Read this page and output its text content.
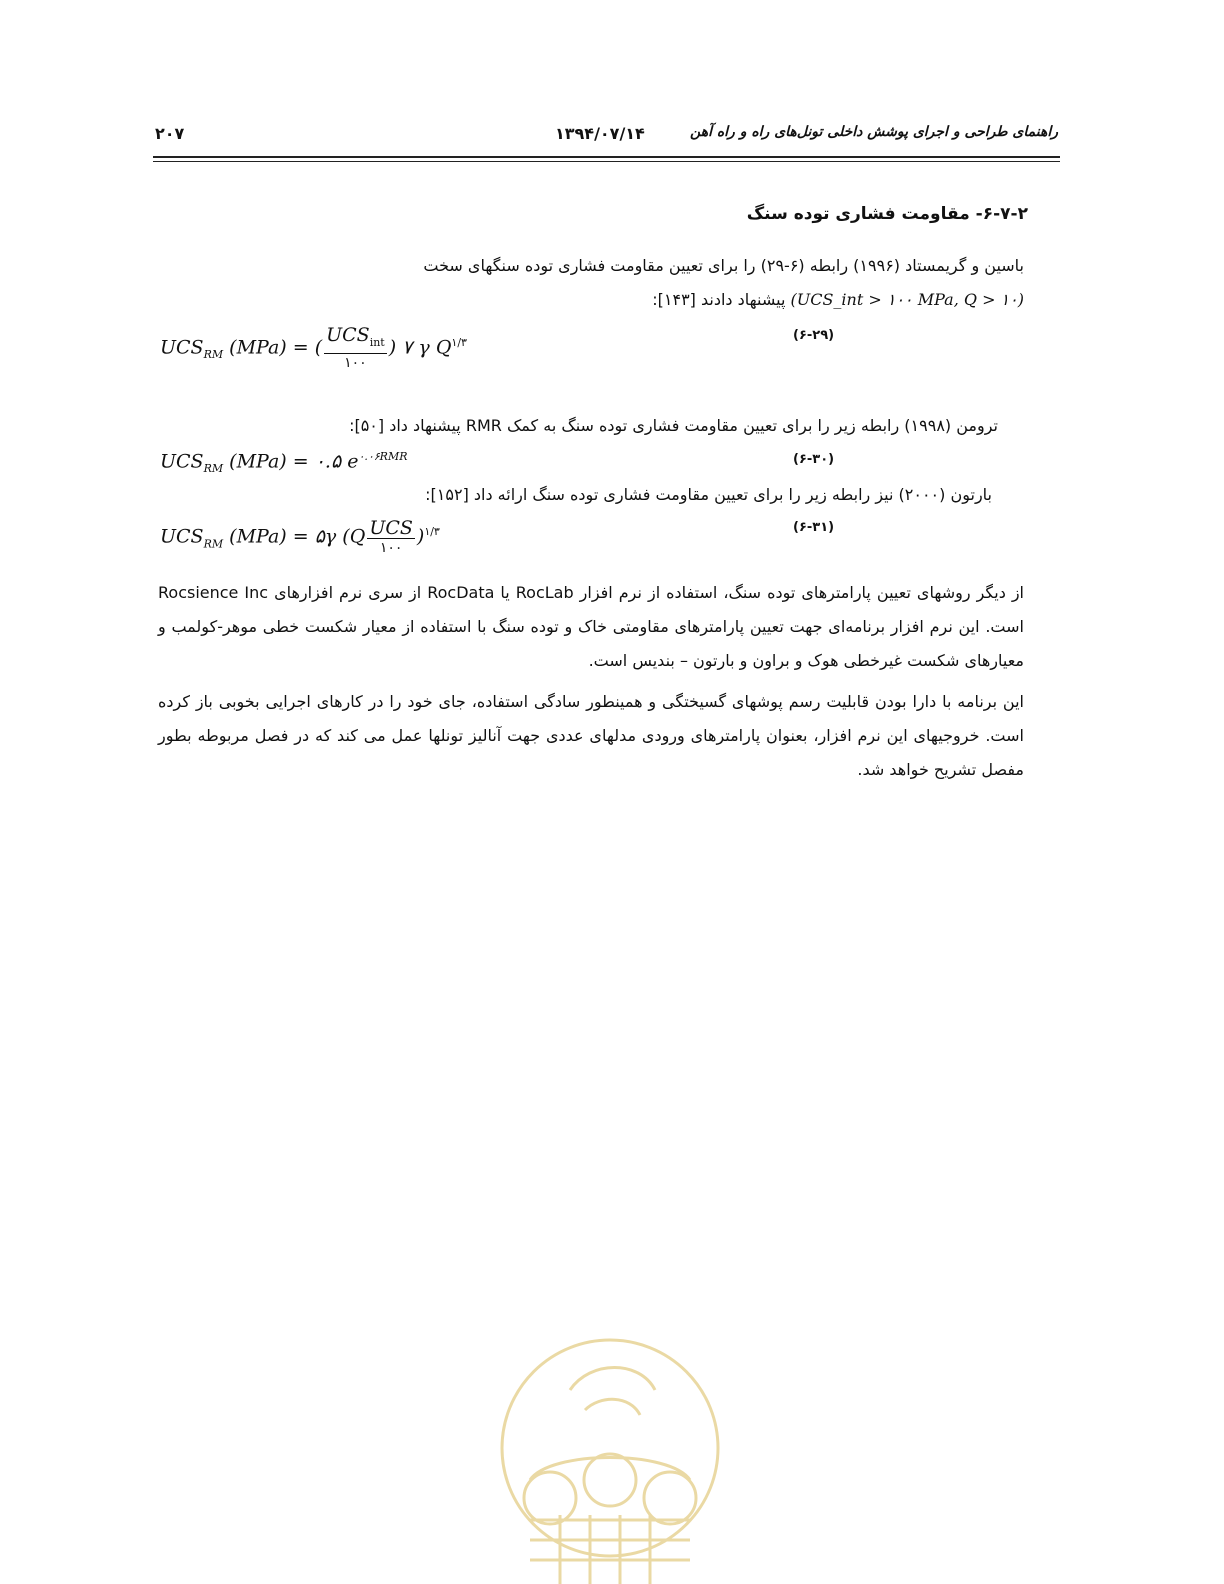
۲۰۷	۱۳۹۴/۰۷/۱۴	راهنمای طراحی و اجرای پوشش داخلی تونل‌های راه و راه آهن
۶-۷-۲- مقاومت فشاری توده سنگ
باسین و گریمستاد (۱۹۹۶) رابطه (۶-۲۹) را برای تعیین مقاومت فشاری توده سنگهای سخت
(UCS_int > ۱۰۰ MPa, Q > ۱۰) پیشنهاد دادند [۱۴۳]:
$UCS_{RM}$ (MPa) = ( $\frac{UCS_{int}}{۱۰۰}$ ) ۷ γ $Q^{۱/۳}$	(۶-۲۹)
ترومن (۱۹۹۸) رابطه زیر را برای تعیین مقاومت فشاری توده سنگ به کمک RMR پیشنهاد داد [۵۰]:
$UCS_{RM}$ (MPa) = ۰.۵ $e^{۰.۰۶RMR}$	(۶-۳۰)
بارتون (۲۰۰۰) نیز رابطه زیر را برای تعیین مقاومت فشاری توده سنگ ارائه داد [۱۵۲]:
$UCS_{RM}$ (MPa) = ۵γ $(Q \frac{\text{UCS}}{۱۰۰} )^{۱/۳}$	(۶-۳۱)
از دیگر روشهای تعیین پارامترهای توده سنگ، استفاده از نرم افزار RocLab یا RocData از سری نرم افزارهای Rocsience Inc است. این نرم افزار برنامه‌ای جهت تعیین پارامترهای مقاومتی خاک و توده سنگ با استفاده از معیار شکست خطی موهر-کولمب و معیارهای شکست غیرخطی هوک و براون و بارتون – بندیس است.
این برنامه با دارا بودن قابلیت رسم پوشهای گسیختگی و همینطور سادگی استفاده، جای خود را در کارهای اجرایی بخوبی باز کرده است. خروجیهای این نرم افزار، بعنوان پارامترهای ورودی مدلهای عددی جهت آنالیز تونلها عمل می کند که در فصل مربوطه بطور مفصل تشریح خواهد شد.
